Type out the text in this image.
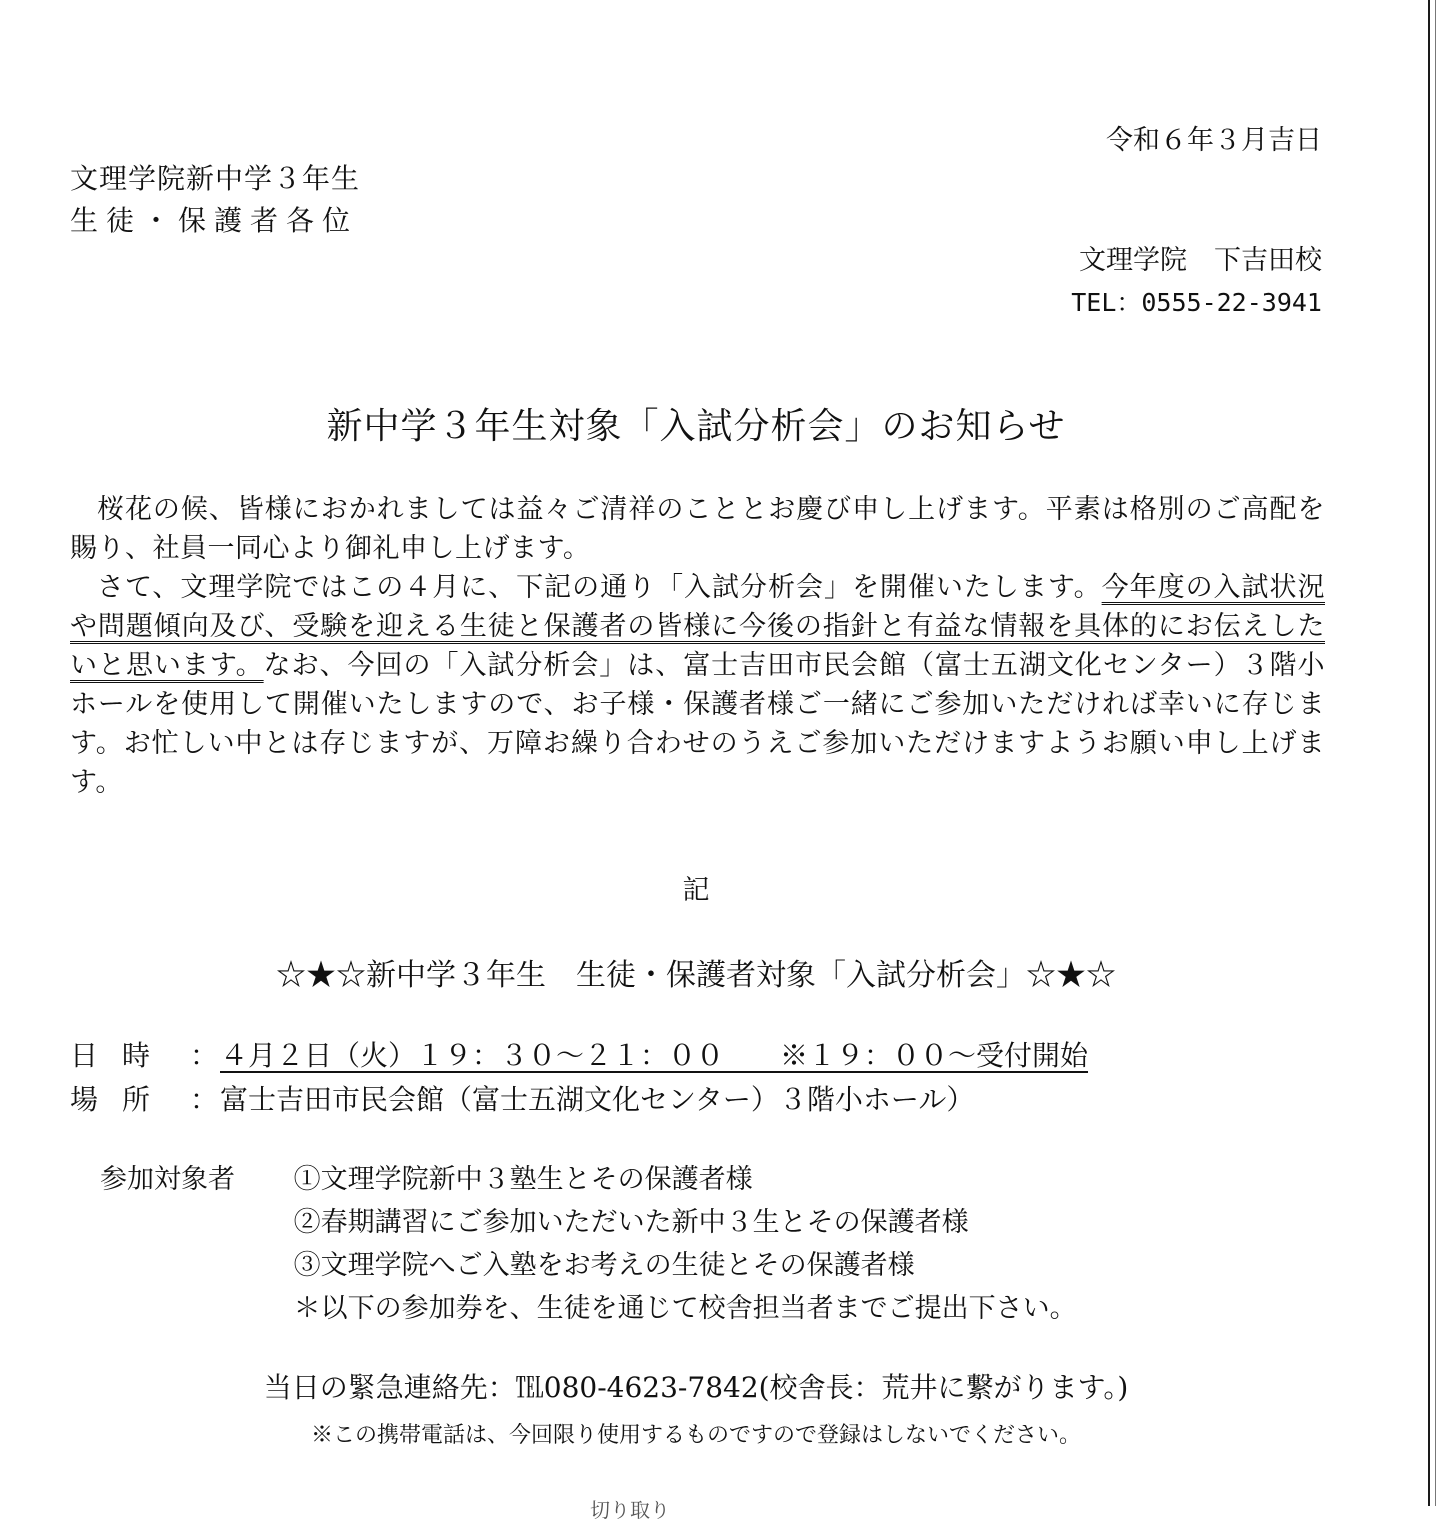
令和６年３月吉日
文理学院新中学３年生
生徒・保護者各位
文理学院　下吉田校
TEL：0555-22-3941
新中学３年生対象「入試分析会」のお知らせ

桜花の候、皆様におかれましては益々ご清祥のこととお慶び申し上げます。平素は格別のご高配を賜り、社員一同心より御礼申し上げます。

さて、文理学院ではこの４月に、下記の通り「入試分析会」を開催いたします。今年度の入試状況や問題傾向及び、受験を迎える生徒と保護者の皆様に今後の指針と有益な情報を具体的にお伝えしたいと思います。なお、今回の「入試分析会」は、富士吉田市民会館（富士五湖文化センター）３階小ホールを使用して開催いたしますので、お子様・保護者様ご一緒にご参加いただければ幸いに存じます。お忙しい中とは存じますが、万障お繰り合わせのうえご参加いただけますようお願い申し上げます。

記
☆★☆新中学３年生　生徒・保護者対象「入試分析会」☆★☆
日時 ：４月２日（火）１９：３０～２１：００　　※１９：００～受付開始
場所 ：富士吉田市民会館（富士五湖文化センター）３階小ホール）
参加対象者 ①文理学院新中３塾生とその保護者様
②春期講習にご参加いただいた新中３生とその保護者様
③文理学院へご入塾をお考えの生徒とその保護者様
＊以下の参加券を、生徒を通じて校舎担当者までご提出下さい。
当日の緊急連絡先：℡080-4623-7842(校舎長：荒井に繋がります。)
※この携帯電話は、今回限り使用するものですので登録はしないでください。
切り取り
